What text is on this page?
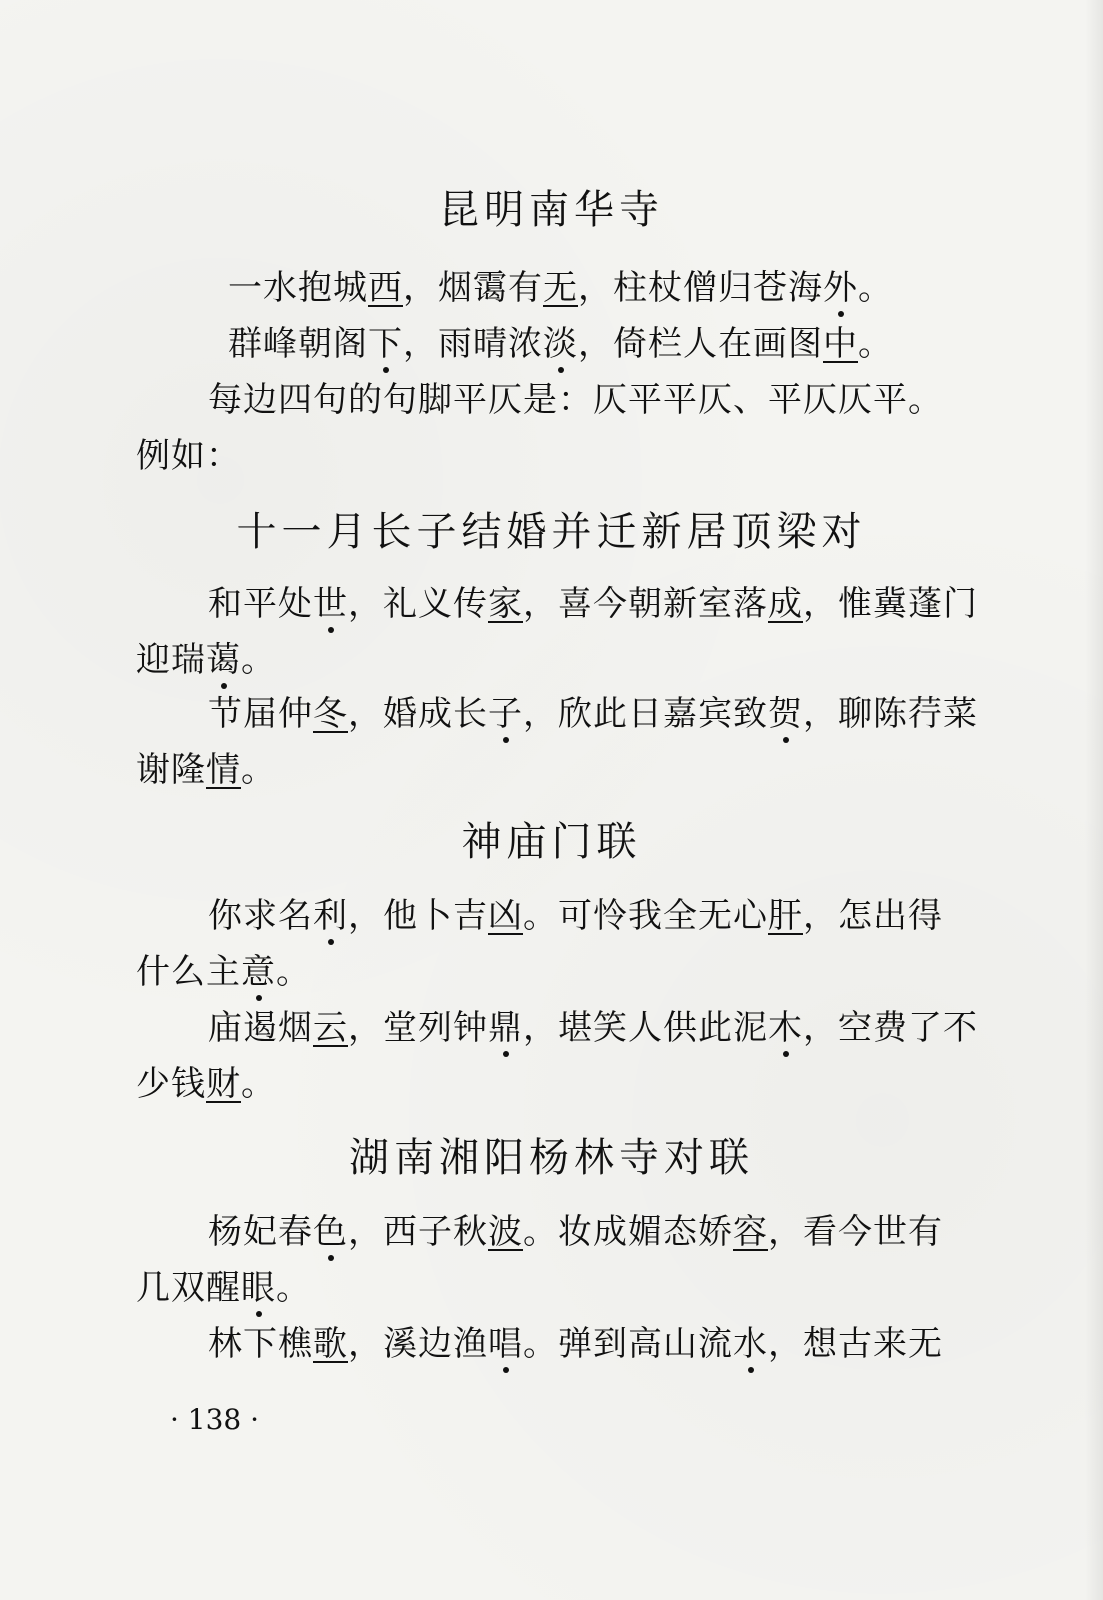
昆明南华寺
一水抱城西，烟霭有无，柱杖僧归苍海外。
群峰朝阁下，雨晴浓淡，倚栏人在画图中。
每边四句的句脚平仄是：仄平平仄、平仄仄平。
例如：
十一月长子结婚并迁新居顶梁对
和平处世，礼义传家，喜今朝新室落成，惟冀蓬门
迎瑞蔼。
节届仲冬，婚成长子，欣此日嘉宾致贺，聊陈荇菜
谢隆情。
神庙门联
你求名利，他卜吉凶。可怜我全无心肝，怎出得
什么主意。
庙遏烟云，堂列钟鼎，堪笑人供此泥木，空费了不
少钱财。
湖南湘阳杨林寺对联
杨妃春色，西子秋波。妆成媚态娇容，看今世有
几双醒眼。
林下樵歌，溪边渔唱。弹到高山流水，想古来无
· 138 ·
